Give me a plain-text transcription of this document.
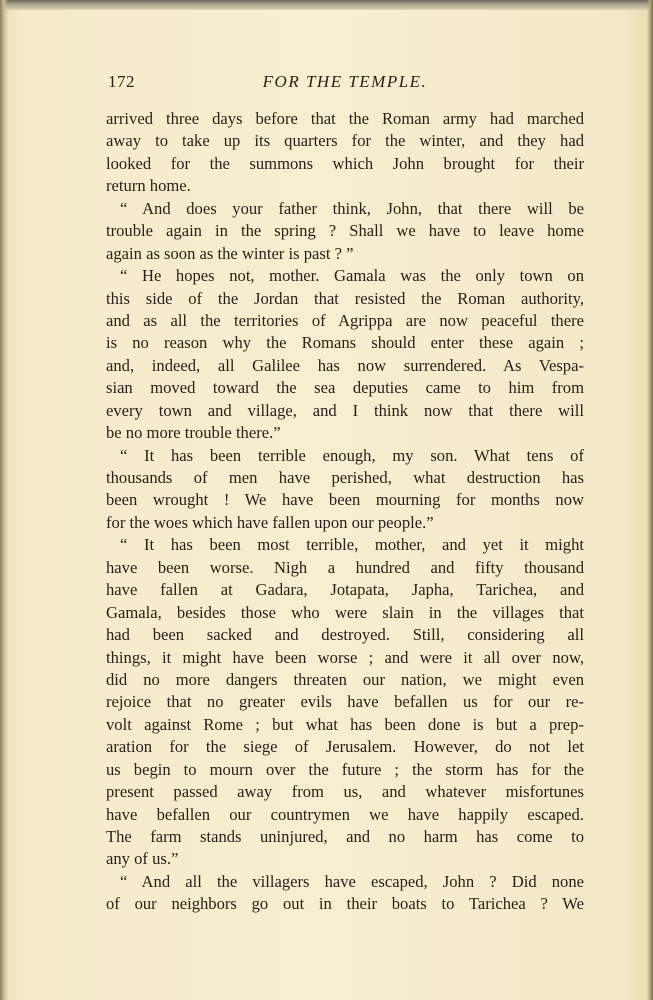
172	FOR THE TEMPLE.
arrived three days before that the Roman army had marched
away to take up its quarters for the winter, and they had
looked for the summons which John brought for their
return home.
“ And does your father think, John, that there will be
trouble again in the spring ? Shall we have to leave home
again as soon as the winter is past ? ”
“ He hopes not, mother. Gamala was the only town on
this side of the Jordan that resisted the Roman authority,
and as all the territories of Agrippa are now peaceful there
is no reason why the Romans should enter these again ;
and, indeed, all Galilee has now surrendered. As Vespa-
sian moved toward the sea deputies came to him from
every town and village, and I think now that there will
be no more trouble there.”
“ It has been terrible enough, my son. What tens of
thousands of men have perished, what destruction has
been wrought ! We have been mourning for months now
for the woes which have fallen upon our people.”
“ It has been most terrible, mother, and yet it might
have been worse. Nigh a hundred and fifty thousand
have fallen at Gadara, Jotapata, Japha, Tarichea, and
Gamala, besides those who were slain in the villages that
had been sacked and destroyed. Still, considering all
things, it might have been worse ; and were it all over now,
did no more dangers threaten our nation, we might even
rejoice that no greater evils have befallen us for our re-
volt against Rome ; but what has been done is but a prep-
aration for the siege of Jerusalem. However, do not let
us begin to mourn over the future ; the storm has for the
present passed away from us, and whatever misfortunes
have befallen our countrymen we have happily escaped.
The farm stands uninjured, and no harm has come to
any of us.”
“ And all the villagers have escaped, John ? Did none
of our neighbors go out in their boats to Tarichea ? We
